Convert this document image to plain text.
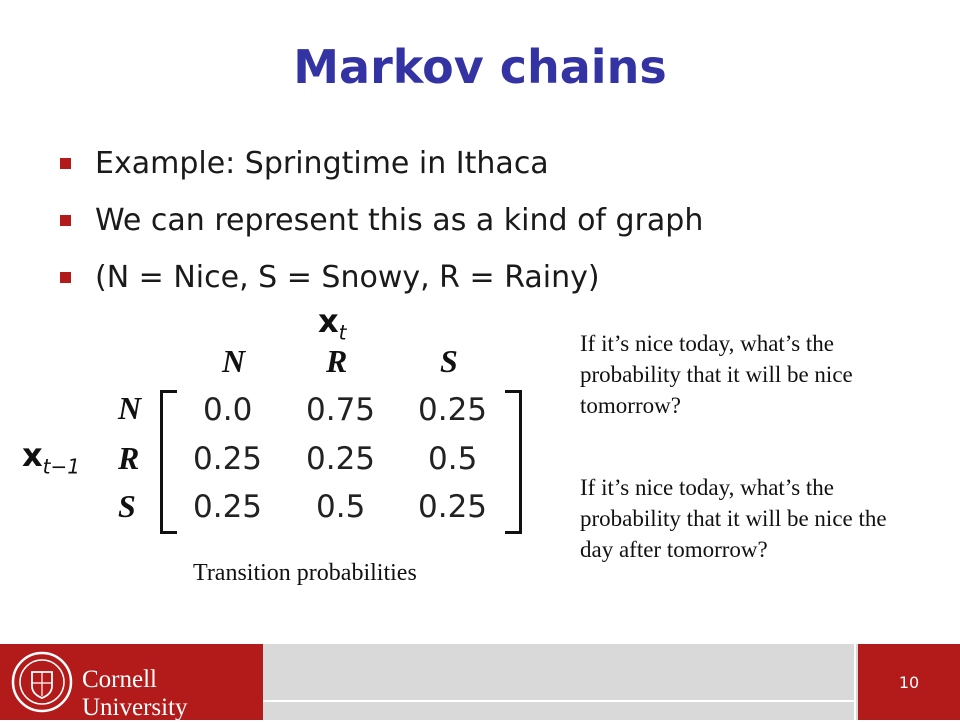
Markov chains
Example: Springtime in Ithaca
We can represent this as a kind of graph
(N = Nice, S = Snowy, R = Rainy)
$x_t$
N	R	S
$x_{t-1}$
N
R
S
0.0 0.75 0.25
0.25 0.25 0.5
0.25 0.5 0.25
Transition probabilities
If it’s nice today, what’s the probability that it will be nice tomorrow?
If it’s nice today, what’s the probability that it will be nice the day after tomorrow?
Cornell University
10
